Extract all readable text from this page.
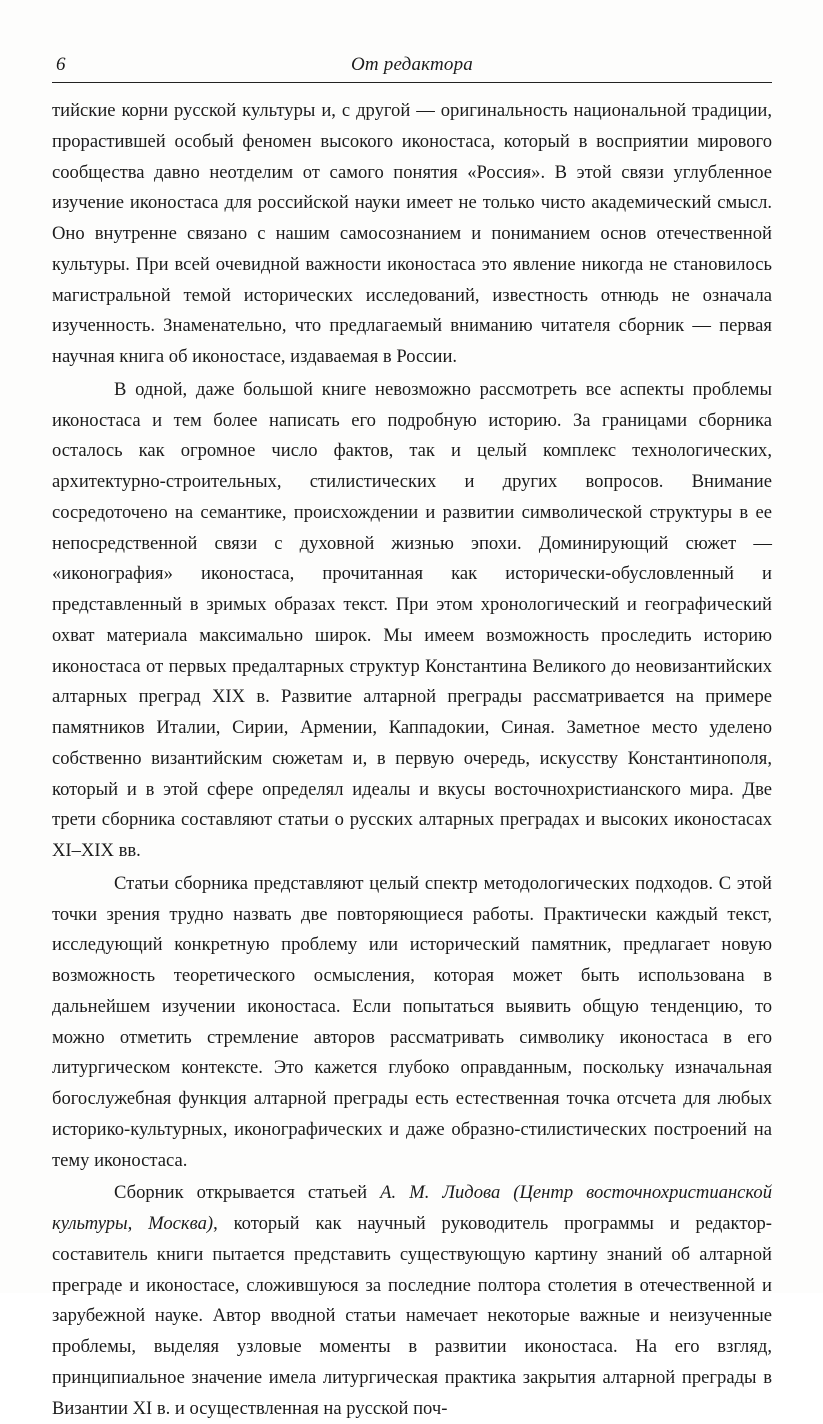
6	От редактора

тийские корни русской культуры и, с другой — оригинальность национальной традиции, прорастившей особый феномен высокого иконостаса, который в восприятии мирового сообщества давно неотделим от самого понятия «Россия». В этой связи углубленное изучение иконостаса для российской науки имеет не только чисто академический смысл. Оно внутренне связано с нашим самосознанием и пониманием основ отечественной культуры. При всей очевидной важности иконостаса это явление никогда не становилось магистральной темой исторических исследований, известность отнюдь не означала изученность. Знаменательно, что предлагаемый вниманию читателя сборник — первая научная книга об иконостасе, издаваемая в России.

В одной, даже большой книге невозможно рассмотреть все аспекты проблемы иконостаса и тем более написать его подробную историю. За границами сборника осталось как огромное число фактов, так и целый комплекс технологических, архитектурно-строительных, стилистических и других вопросов. Внимание сосредоточено на семантике, происхождении и развитии символической структуры в ее непосредственной связи с духовной жизнью эпохи. Доминирующий сюжет — «иконография» иконостаса, прочитанная как исторически-обусловленный и представленный в зримых образах текст. При этом хронологический и географический охват материала максимально широк. Мы имеем возможность проследить историю иконостаса от первых предалтарных структур Константина Великого до неовизантийских алтарных преград XIX в. Развитие алтарной преграды рассматривается на примере памятников Италии, Сирии, Армении, Каппадокии, Синая. Заметное место уделено собственно византийским сюжетам и, в первую очередь, искусству Константинополя, который и в этой сфере определял идеалы и вкусы восточнохристианского мира. Две трети сборника составляют статьи о русских алтарных преградах и высоких иконостасах XI–XIX вв.

Статьи сборника представляют целый спектр методологических подходов. С этой точки зрения трудно назвать две повторяющиеся работы. Практически каждый текст, исследующий конкретную проблему или исторический памятник, предлагает новую возможность теоретического осмысления, которая может быть использована в дальнейшем изучении иконостаса. Если попытаться выявить общую тенденцию, то можно отметить стремление авторов рассматривать символику иконостаса в его литургическом контексте. Это кажется глубоко оправданным, поскольку изначальная богослужебная функция алтарной преграды есть естественная точка отсчета для любых историко-культурных, иконографических и даже образно-стилистических построений на тему иконостаса.

Сборник открывается статьей А. М. Лидова (Центр восточнохристианской культуры, Москва), который как научный руководитель программы и редактор-составитель книги пытается представить существующую картину знаний об алтарной преграде и иконостасе, сложившуюся за последние полтора столетия в отечественной и зарубежной науке. Автор вводной статьи намечает некоторые важные и неизученные проблемы, выделяя узловые моменты в развитии иконостаса. На его взгляд, принципиальное значение имела литургическая практика закрытия алтарной преграды в Византии XI в. и осуществленная на русской поч-
